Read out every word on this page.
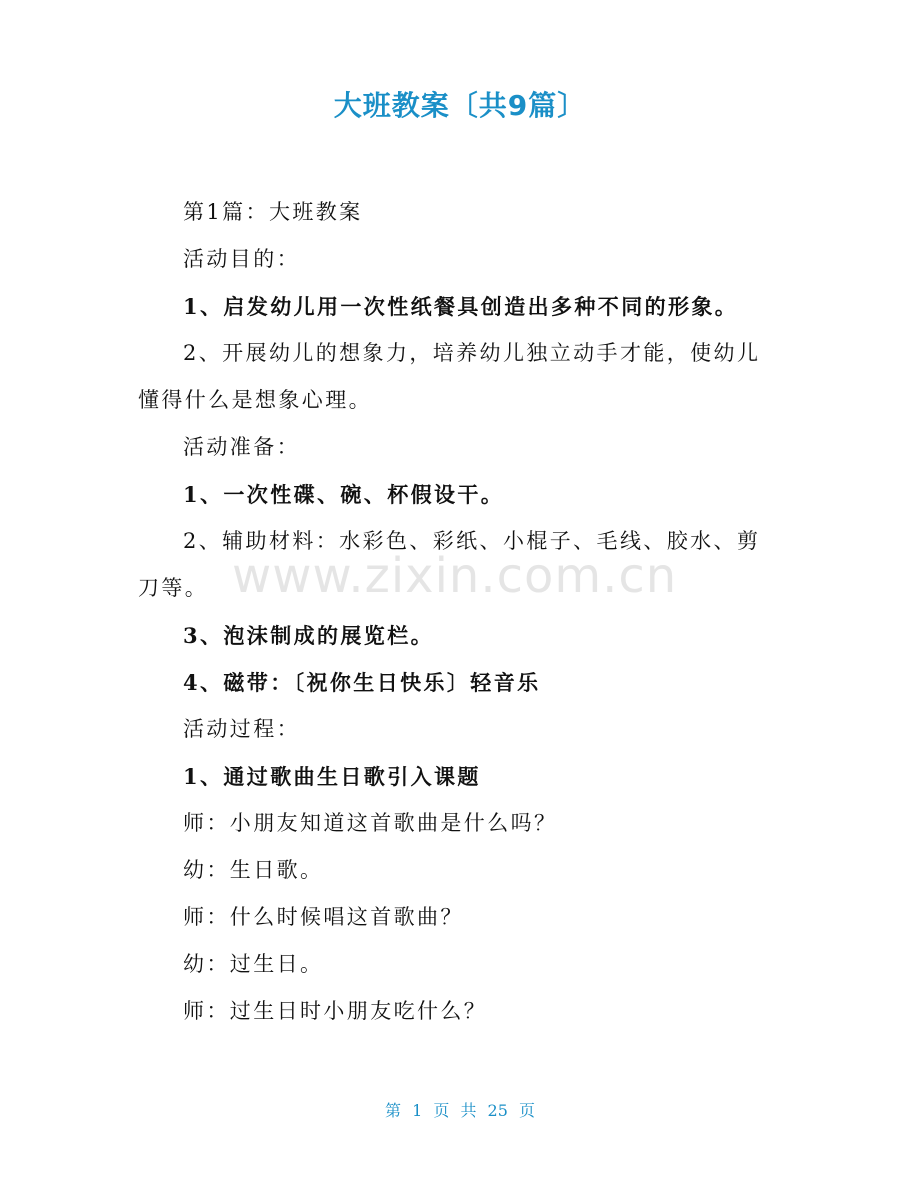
大班教案〔共9篇〕

第1篇：大班教案

活动目的：

1、启发幼儿用一次性纸餐具创造出多种不同的形象。

2、开展幼儿的想象力，培养幼儿独立动手才能，使幼儿懂得什么是想象心理。

活动准备：

1、一次性碟、碗、杯假设干。

2、辅助材料：水彩色、彩纸、小棍子、毛线、胶水、剪刀等。

3、泡沫制成的展览栏。

4、磁带：〔祝你生日快乐〕轻音乐

活动过程：

1、通过歌曲生日歌引入课题

师：小朋友知道这首歌曲是什么吗？

幼：生日歌。

师：什么时候唱这首歌曲？

幼：过生日。

师：过生日时小朋友吃什么？

www.zixin.com.cn
第 1 页 共 25 页
